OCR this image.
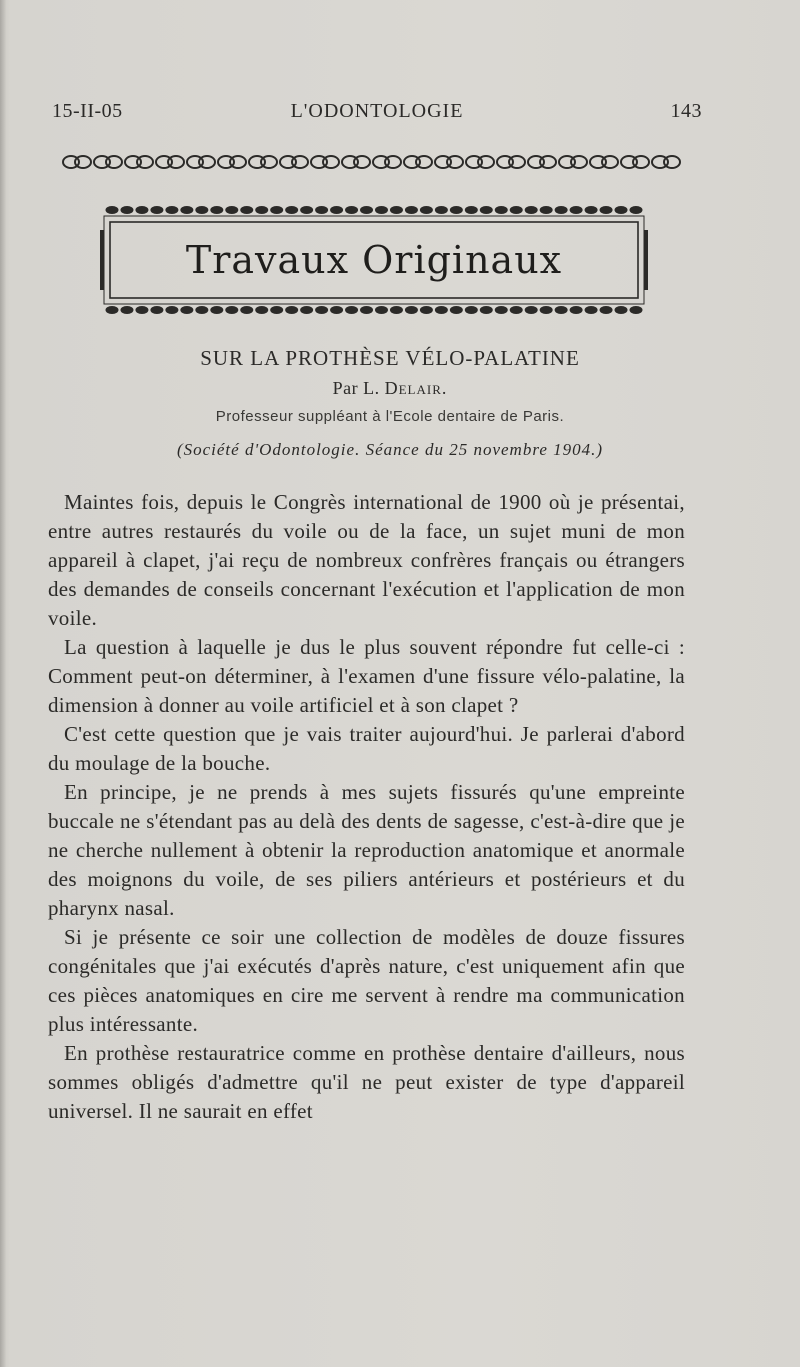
15-II-05	L'ODONTOLOGIE	143
Travaux Originaux
SUR LA PROTHÈSE VÉLO-PALATINE
Par L. Delair.
Professeur suppléant à l'Ecole dentaire de Paris.
(Société d'Odontologie. Séance du 25 novembre 1904.)

Maintes fois, depuis le Congrès international de 1900 où je présentai, entre autres restaurés du voile ou de la face, un sujet muni de mon appareil à clapet, j'ai reçu de nombreux confrères français ou étrangers des demandes de conseils concernant l'exécution et l'application de mon voile.

La question à laquelle je dus le plus souvent répondre fut celle-ci : Comment peut-on déterminer, à l'examen d'une fissure vélo-palatine, la dimension à donner au voile artificiel et à son clapet ?

C'est cette question que je vais traiter aujourd'hui. Je parlerai d'abord du moulage de la bouche.

En principe, je ne prends à mes sujets fissurés qu'une empreinte buccale ne s'étendant pas au delà des dents de sagesse, c'est-à-dire que je ne cherche nullement à obtenir la reproduction anatomique et anormale des moignons du voile, de ses piliers antérieurs et postérieurs et du pharynx nasal.

Si je présente ce soir une collection de modèles de douze fissures congénitales que j'ai exécutés d'après nature, c'est uniquement afin que ces pièces anatomiques en cire me servent à rendre ma communication plus intéressante.

En prothèse restauratrice comme en prothèse dentaire d'ailleurs, nous sommes obligés d'admettre qu'il ne peut exister de type d'appareil universel. Il ne saurait en effet
